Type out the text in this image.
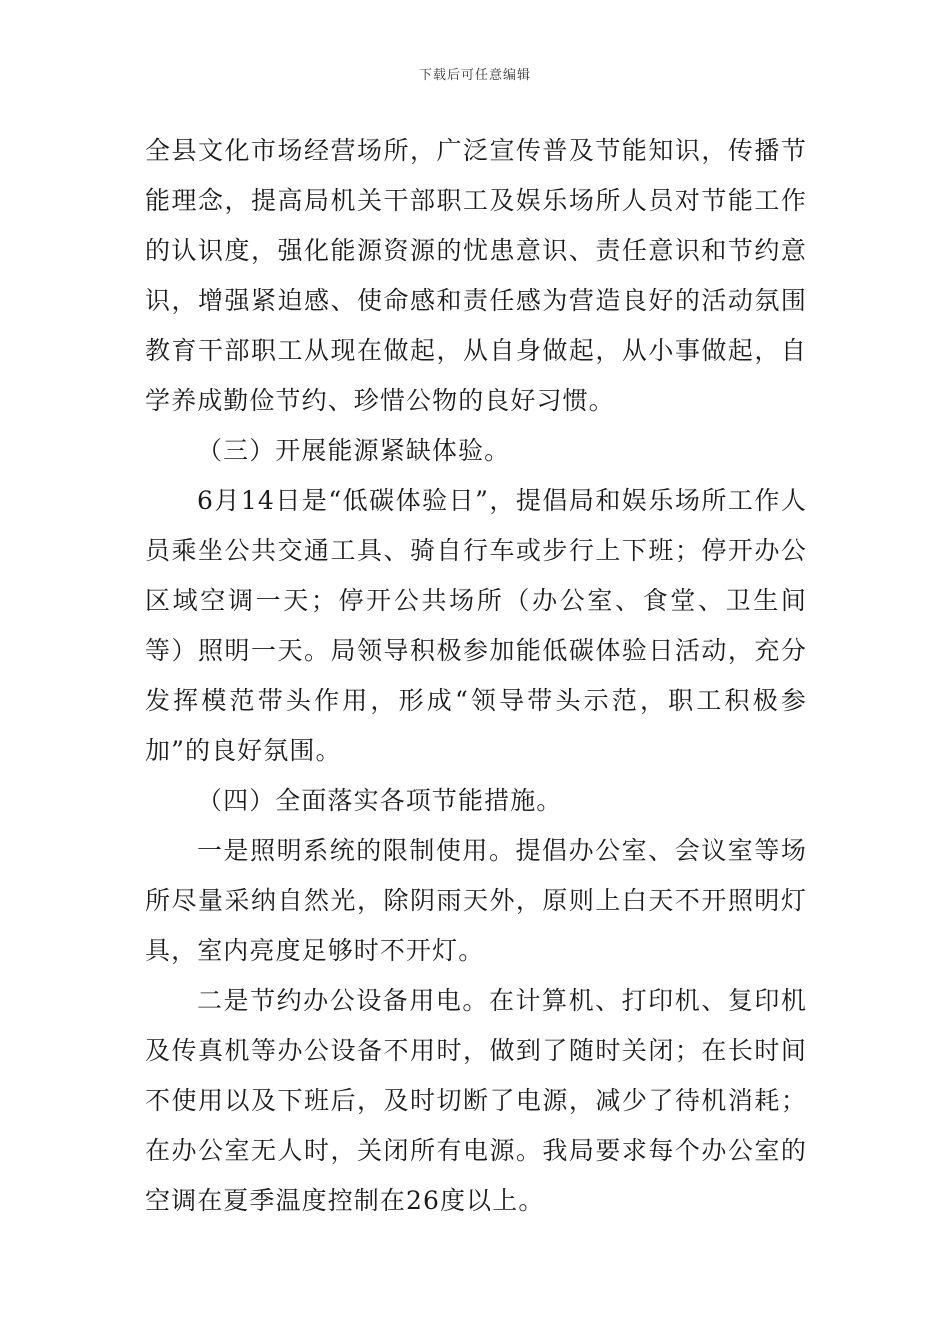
下载后可任意编辑

全县文化市场经营场所，广泛宣传普及节能知识，传播节能理念，提高局机关干部职工及娱乐场所人员对节能工作的认识度，强化能源资源的忧患意识、责任意识和节约意识，增强紧迫感、使命感和责任感为营造良好的活动氛围教育干部职工从现在做起，从自身做起，从小事做起，自学养成勤俭节约、珍惜公物的良好习惯。

（三）开展能源紧缺体验。

6月14日是“低碳体验日”，提倡局和娱乐场所工作人员乘坐公共交通工具、骑自行车或步行上下班；停开办公区域空调一天；停开公共场所（办公室、食堂、卫生间等）照明一天。局领导积极参加能低碳体验日活动，充分发挥模范带头作用，形成“领导带头示范，职工积极参加”的良好氛围。

（四）全面落实各项节能措施。

一是照明系统的限制使用。提倡办公室、会议室等场所尽量采纳自然光，除阴雨天外，原则上白天不开照明灯具，室内亮度足够时不开灯。

二是节约办公设备用电。在计算机、打印机、复印机及传真机等办公设备不用时，做到了随时关闭；在长时间不使用以及下班后，及时切断了电源，减少了待机消耗；在办公室无人时，关闭所有电源。我局要求每个办公室的空调在夏季温度控制在26度以上。
